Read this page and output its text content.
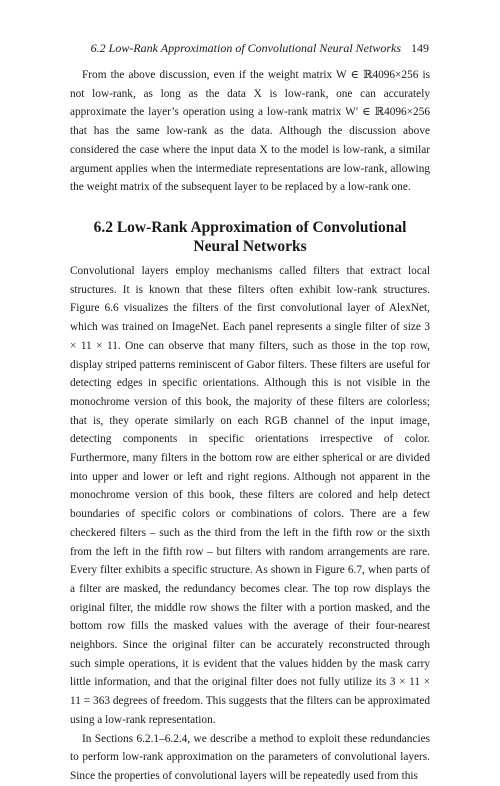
6.2 Low-Rank Approximation of Convolutional Neural Networks 149

From the above discussion, even if the weight matrix W ∈ ℝ4096×256 is not low-rank, as long as the data X is low-rank, one can accurately approximate the layer’s operation using a low-rank matrix W′ ∈ ℝ4096×256 that has the same low-rank as the data. Although the discussion above considered the case where the input data X to the model is low-rank, a similar argument applies when the intermediate representations are low-rank, allowing the weight matrix of the subsequent layer to be replaced by a low-rank one.

6.2 Low-Rank Approximation of Convolutional Neural Networks

Convolutional layers employ mechanisms called filters that extract local structures. It is known that these filters often exhibit low-rank structures. Figure 6.6 visualizes the filters of the first convolutional layer of AlexNet, which was trained on ImageNet. Each panel represents a single filter of size 3 × 11 × 11. One can observe that many filters, such as those in the top row, display striped patterns reminiscent of Gabor filters. These filters are useful for detecting edges in specific orientations. Although this is not visible in the monochrome version of this book, the majority of these filters are colorless; that is, they operate similarly on each RGB channel of the input image, detecting components in specific orientations irrespective of color. Furthermore, many filters in the bottom row are either spherical or are divided into upper and lower or left and right regions. Although not apparent in the monochrome version of this book, these filters are colored and help detect boundaries of specific colors or combinations of colors. There are a few checkered filters – such as the third from the left in the fifth row or the sixth from the left in the fifth row – but filters with random arrangements are rare. Every filter exhibits a specific structure. As shown in Figure 6.7, when parts of a filter are masked, the redundancy becomes clear. The top row displays the original filter, the middle row shows the filter with a portion masked, and the bottom row fills the masked values with the average of their four-nearest neighbors. Since the original filter can be accurately reconstructed through such simple operations, it is evident that the values hidden by the mask carry little information, and that the original filter does not fully utilize its 3 × 11 × 11 = 363 degrees of freedom. This suggests that the filters can be approximated using a low-rank representation.

In Sections 6.2.1–6.2.4, we describe a method to exploit these redundancies to perform low-rank approximation on the parameters of convolutional layers. Since the properties of convolutional layers will be repeatedly used from this
